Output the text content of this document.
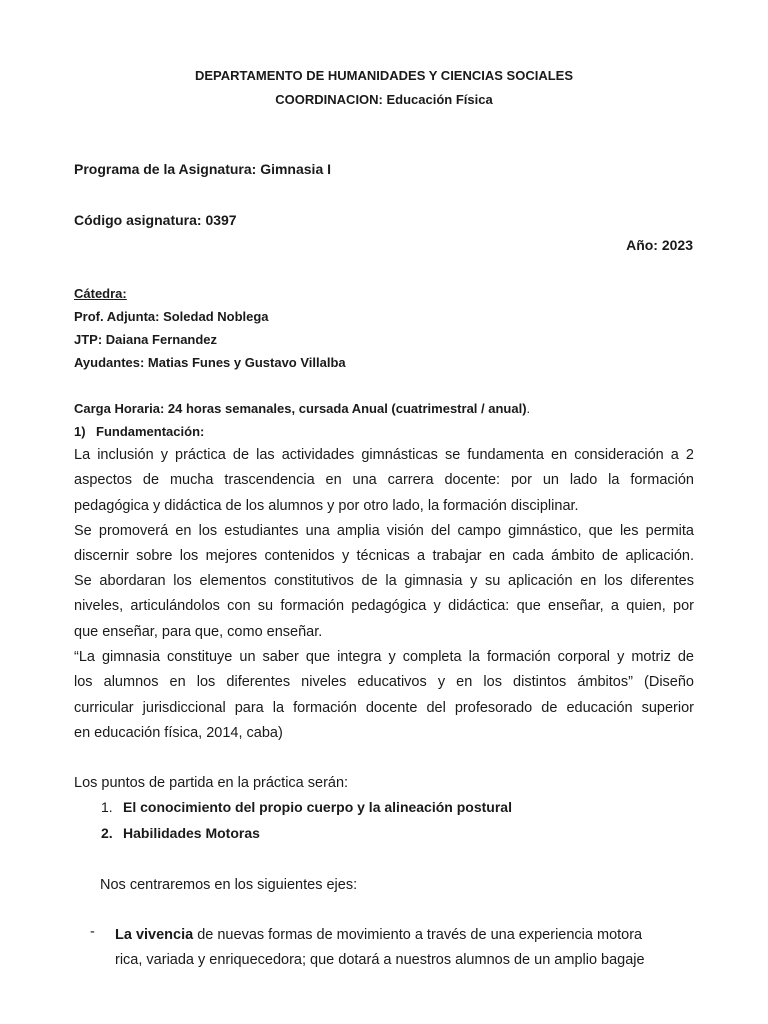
DEPARTAMENTO DE HUMANIDADES Y CIENCIAS SOCIALES
COORDINACION: Educación Física
Programa de la Asignatura: Gimnasia I
Código asignatura: 0397
Año: 2023
Cátedra:
Prof. Adjunta: Soledad Noblega
JTP: Daiana Fernandez
Ayudantes: Matias Funes y Gustavo Villalba
Carga Horaria: 24 horas semanales, cursada Anual (cuatrimestral / anual).
1) Fundamentación:
La inclusión y práctica de las actividades gimnásticas se fundamenta en consideración a 2
aspectos de mucha trascendencia en una carrera docente: por un lado la formación
pedagógica y didáctica de los alumnos y por otro lado, la formación disciplinar.
Se promoverá en los estudiantes una amplia visión del campo gimnástico, que les permita
discernir sobre los mejores contenidos y técnicas a trabajar en cada ámbito de aplicación.
Se abordaran los elementos constitutivos de la gimnasia y su aplicación en los diferentes
niveles, articulándolos con su formación pedagógica y didáctica: que enseñar, a quien, por
que enseñar, para que, como enseñar.
“La gimnasia constituye un saber que integra y completa la formación corporal y motriz de
los alumnos en los diferentes niveles educativos y en los distintos ámbitos” (Diseño
curricular jurisdiccional para la formación docente del profesorado de educación superior
en educación física, 2014, caba)
Los puntos de partida en la práctica serán:
1. El conocimiento del propio cuerpo y la alineación postural
2. Habilidades Motoras
Nos centraremos en los siguientes ejes:
- La vivencia de nuevas formas de movimiento a través de una experiencia motora
rica, variada y enriquecedora; que dotará a nuestros alumnos de un amplio bagaje
